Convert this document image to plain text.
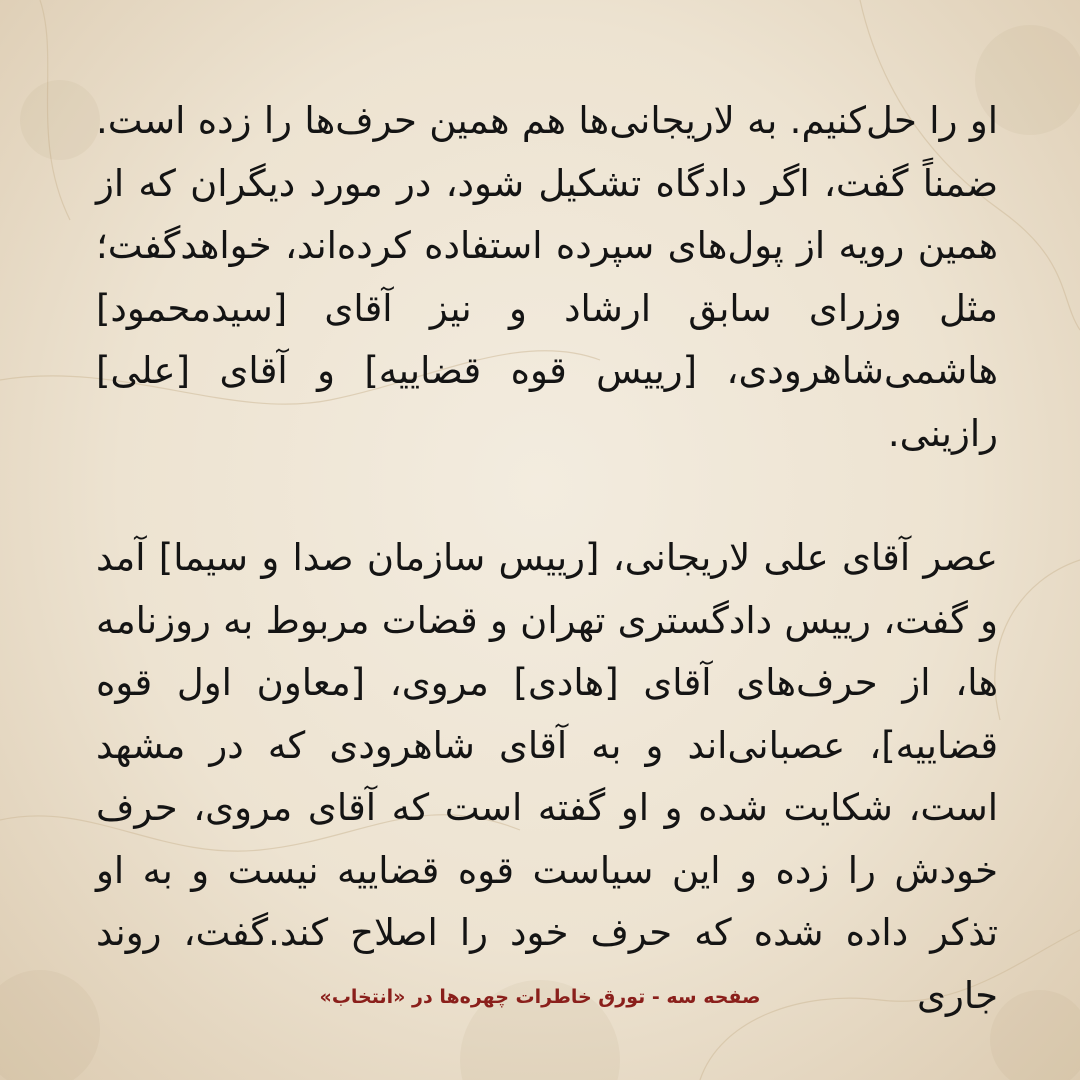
او را حل‌کنیم. به لاریجانی‌ها هم همین حرف‌ها را زده است. ضمناً گفت، اگر دادگاه تشکیل شود، در مورد دیگران که از همین رویه از پول‌های سپرده استفاده کرده‌اند، خواهدگفت؛ مثل وزرای سابق ارشاد و نیز آقای [سیدمحمود] هاشمی‌شاهرودی، [رییس قوه قضاییه] و آقای [علی] رازینی.

عصر آقای علی لاریجانی، [رییس سازمان صدا و سیما] آمد و گفت، رییس دادگستری تهران و قضات مربوط به روزنامه ها، از حرف‌های آقای [هادی] مروی، [معاون اول قوه قضاییه]، عصبانی‌اند و به آقای شاهرودی که در مشهد است، شکایت شده و او گفته است که آقای مروی، حرف خودش را زده و این سیاست قوه قضاییه نیست و به او تذکر داده شده که حرف خود را اصلاح کند.گفت، روند جاری

صفحه سه - تورق خاطرات چهره‌ها در «انتخاب»
